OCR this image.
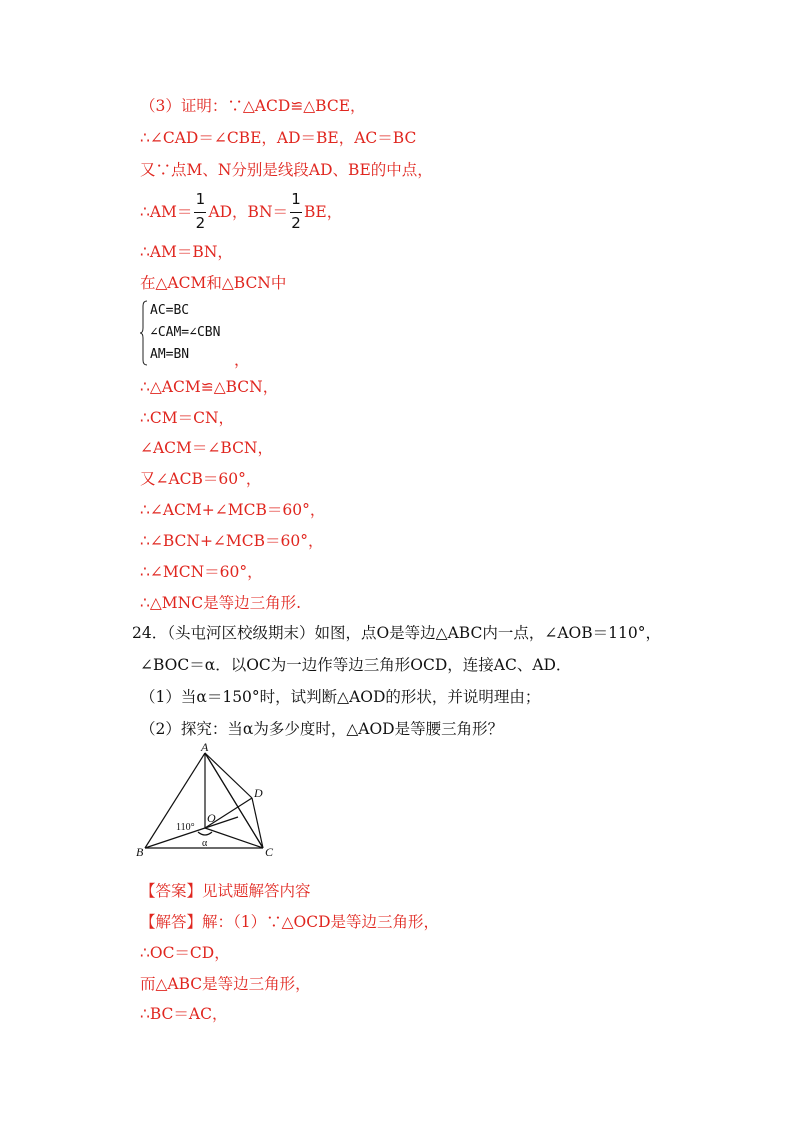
（3）证明：∵△ACD≌△BCE，
∴∠CAD＝∠CBE，AD＝BE，AC＝BC
又∵点M、N分别是线段AD、BE的中点，
∴AM＝ $\frac{1}{2}$ AD，$BN= \frac{1}{2}$ BE，
∴AM＝BN，
在△ACM和△BCN中
AC=BC
∠CAM=∠CBN
AM=BN	，
∴△ACM≌△BCN，
∴CM＝CN，
∠ACM＝∠BCN，
又∠ACB＝60°，
∴∠ACM+∠MCB＝60°，
∴∠BCN+∠MCB＝60°，
∴∠MCN＝60°，
∴△MNC是等边三角形.
24．（头屯河区校级期末）如图，点O是等边△ABC内一点，∠AOB＝110°，
∠BOC＝α．以OC为一边作等边三角形OCD，连接AC、AD．
（1）当α＝150°时，试判断△AOD的形状，并说明理由；
（2）探究：当α为多少度时，△AOD是等腰三角形？
A
B	C
D
O
110°
α
【答案】见试题解答内容
【解答】解：（1）∵△OCD是等边三角形，
∴OC＝CD，
而△ABC是等边三角形，
∴BC＝AC，
